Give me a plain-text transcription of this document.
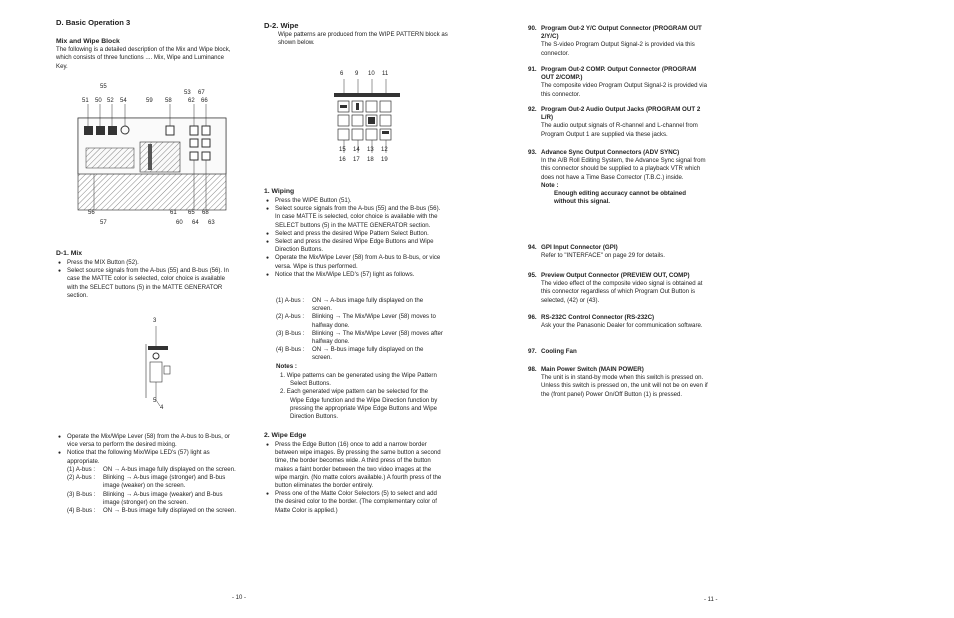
D. Basic Operation 3
Mix and Wipe Block
The following is a detailed description of the Mix and Wipe block, which consists of three functions .... Mix, Wipe and Luminance Key.
55
53 67
51 50 52 54	59 58	62 66
56
57
61 65 68
60 64 63
D-1. Mix
● Press the MIX Button (52).
● Select source signals from the A-bus (55) and B-bus (56). In case the MATTE color is selected, color choice is available with the SELECT buttons (5) in the MATTE GENERATOR section.
3
5
4
● Operate the Mix/Wipe Lever (58) from the A-bus to B-bus, or vice versa to perform the desired mixing.
● Notice that the following Mix/Wipe LED's (57) light as appropriate.
(1) A-bus :	ON → A-bus image fully displayed on the screen.
(2) A-bus :	Blinking → A-bus image (stronger) and B-bus image (weaker) on the screen.
(3) B-bus :	Blinking → A-bus image (weaker) and B-bus image (stronger) on the screen.
(4) B-bus :	ON → B-bus image fully displayed on the screen.
- 10 -
D-2. Wipe
Wipe patterns are produced from the WIPE PATTERN block as shown below.
6 9 10 11
15 14 13 12
16 17 18 19
1. Wiping
● Press the WIPE Button (51).
● Select source signals from the A-bus (55) and the B-bus (56). In case MATTE is selected, color choice is available with the SELECT buttons (5) in the MATTE GENERATOR section.
● Select and press the desired Wipe Pattern Select Button.
● Select and press the desired Wipe Edge Buttons and Wipe Direction Buttons.
● Operate the Mix/Wipe Lever (58) from A-bus to B-bus, or vice versa. Wipe is thus performed.
● Notice that the Mix/Wipe LED's (57) light as follows.
(1) A-bus :	ON → A-bus image fully displayed on the screen.
(2) A-bus :	Blinking → The Mix/Wipe Lever (58) moves to halfway done.
(3) B-bus :	Blinking → The Mix/Wipe Lever (58) moves after halfway done.
(4) B-bus :	ON → B-bus image fully displayed on the screen.
Notes :
1. Wipe patterns can be generated using the Wipe Pattern Select Buttons.
2. Each generated wipe pattern can be selected for the Wipe Edge function and the Wipe Direction function by pressing the appropriate Wipe Edge Buttons and Wipe Direction Buttons.
2. Wipe Edge
● Press the Edge Button (16) once to add a narrow border between wipe images. By pressing the same button a second time, the border becomes wide. A third press of the button makes a faint border between the two video images at the wipe margin. (No matte colors available.) A fourth press of the button eliminates the border entirely.
● Press one of the Matte Color Selectors (5) to select and add the desired color to the border. (The complementary color of Matte Color is applied.)
90. Program Out-2 Y/C Output Connector (PROGRAM OUT 2/Y/C)
The S-video Program Output Signal-2 is provided via this connector.
91. Program Out-2 COMP. Output Connector (PROGRAM OUT 2/COMP.)
The composite video Program Output Signal-2 is provided via this connector.
92. Program Out-2 Audio Output Jacks (PROGRAM OUT 2 L/R)
The audio output signals of R-channel and L-channel from Program Output 1 are supplied via these jacks.
93. Advance Sync Output Connectors (ADV SYNC)
In the A/B Roll Editing System, the Advance Sync signal from this connector should be supplied to a playback VTR which does not have a Time Base Corrector (T.B.C.) inside.
Note :
Enough editing accuracy cannot be obtained without this signal.
94. GPI Input Connector (GPI)
Refer to "INTERFACE" on page 29 for details.
95. Preview Output Connector (PREVIEW OUT, COMP)
The video effect of the composite video signal is obtained at this connector regardless of which Program Out Button is selected, (42) or (43).
96. RS-232C Control Connector (RS-232C)
Ask your the Panasonic Dealer for communication software.
97. Cooling Fan
98. Main Power Switch (MAIN POWER)
The unit is in stand-by mode when this switch is pressed on. Unless this switch is pressed on, the unit will not be on even if the (front panel) Power On/Off Button (1) is pressed.
- 11 -
